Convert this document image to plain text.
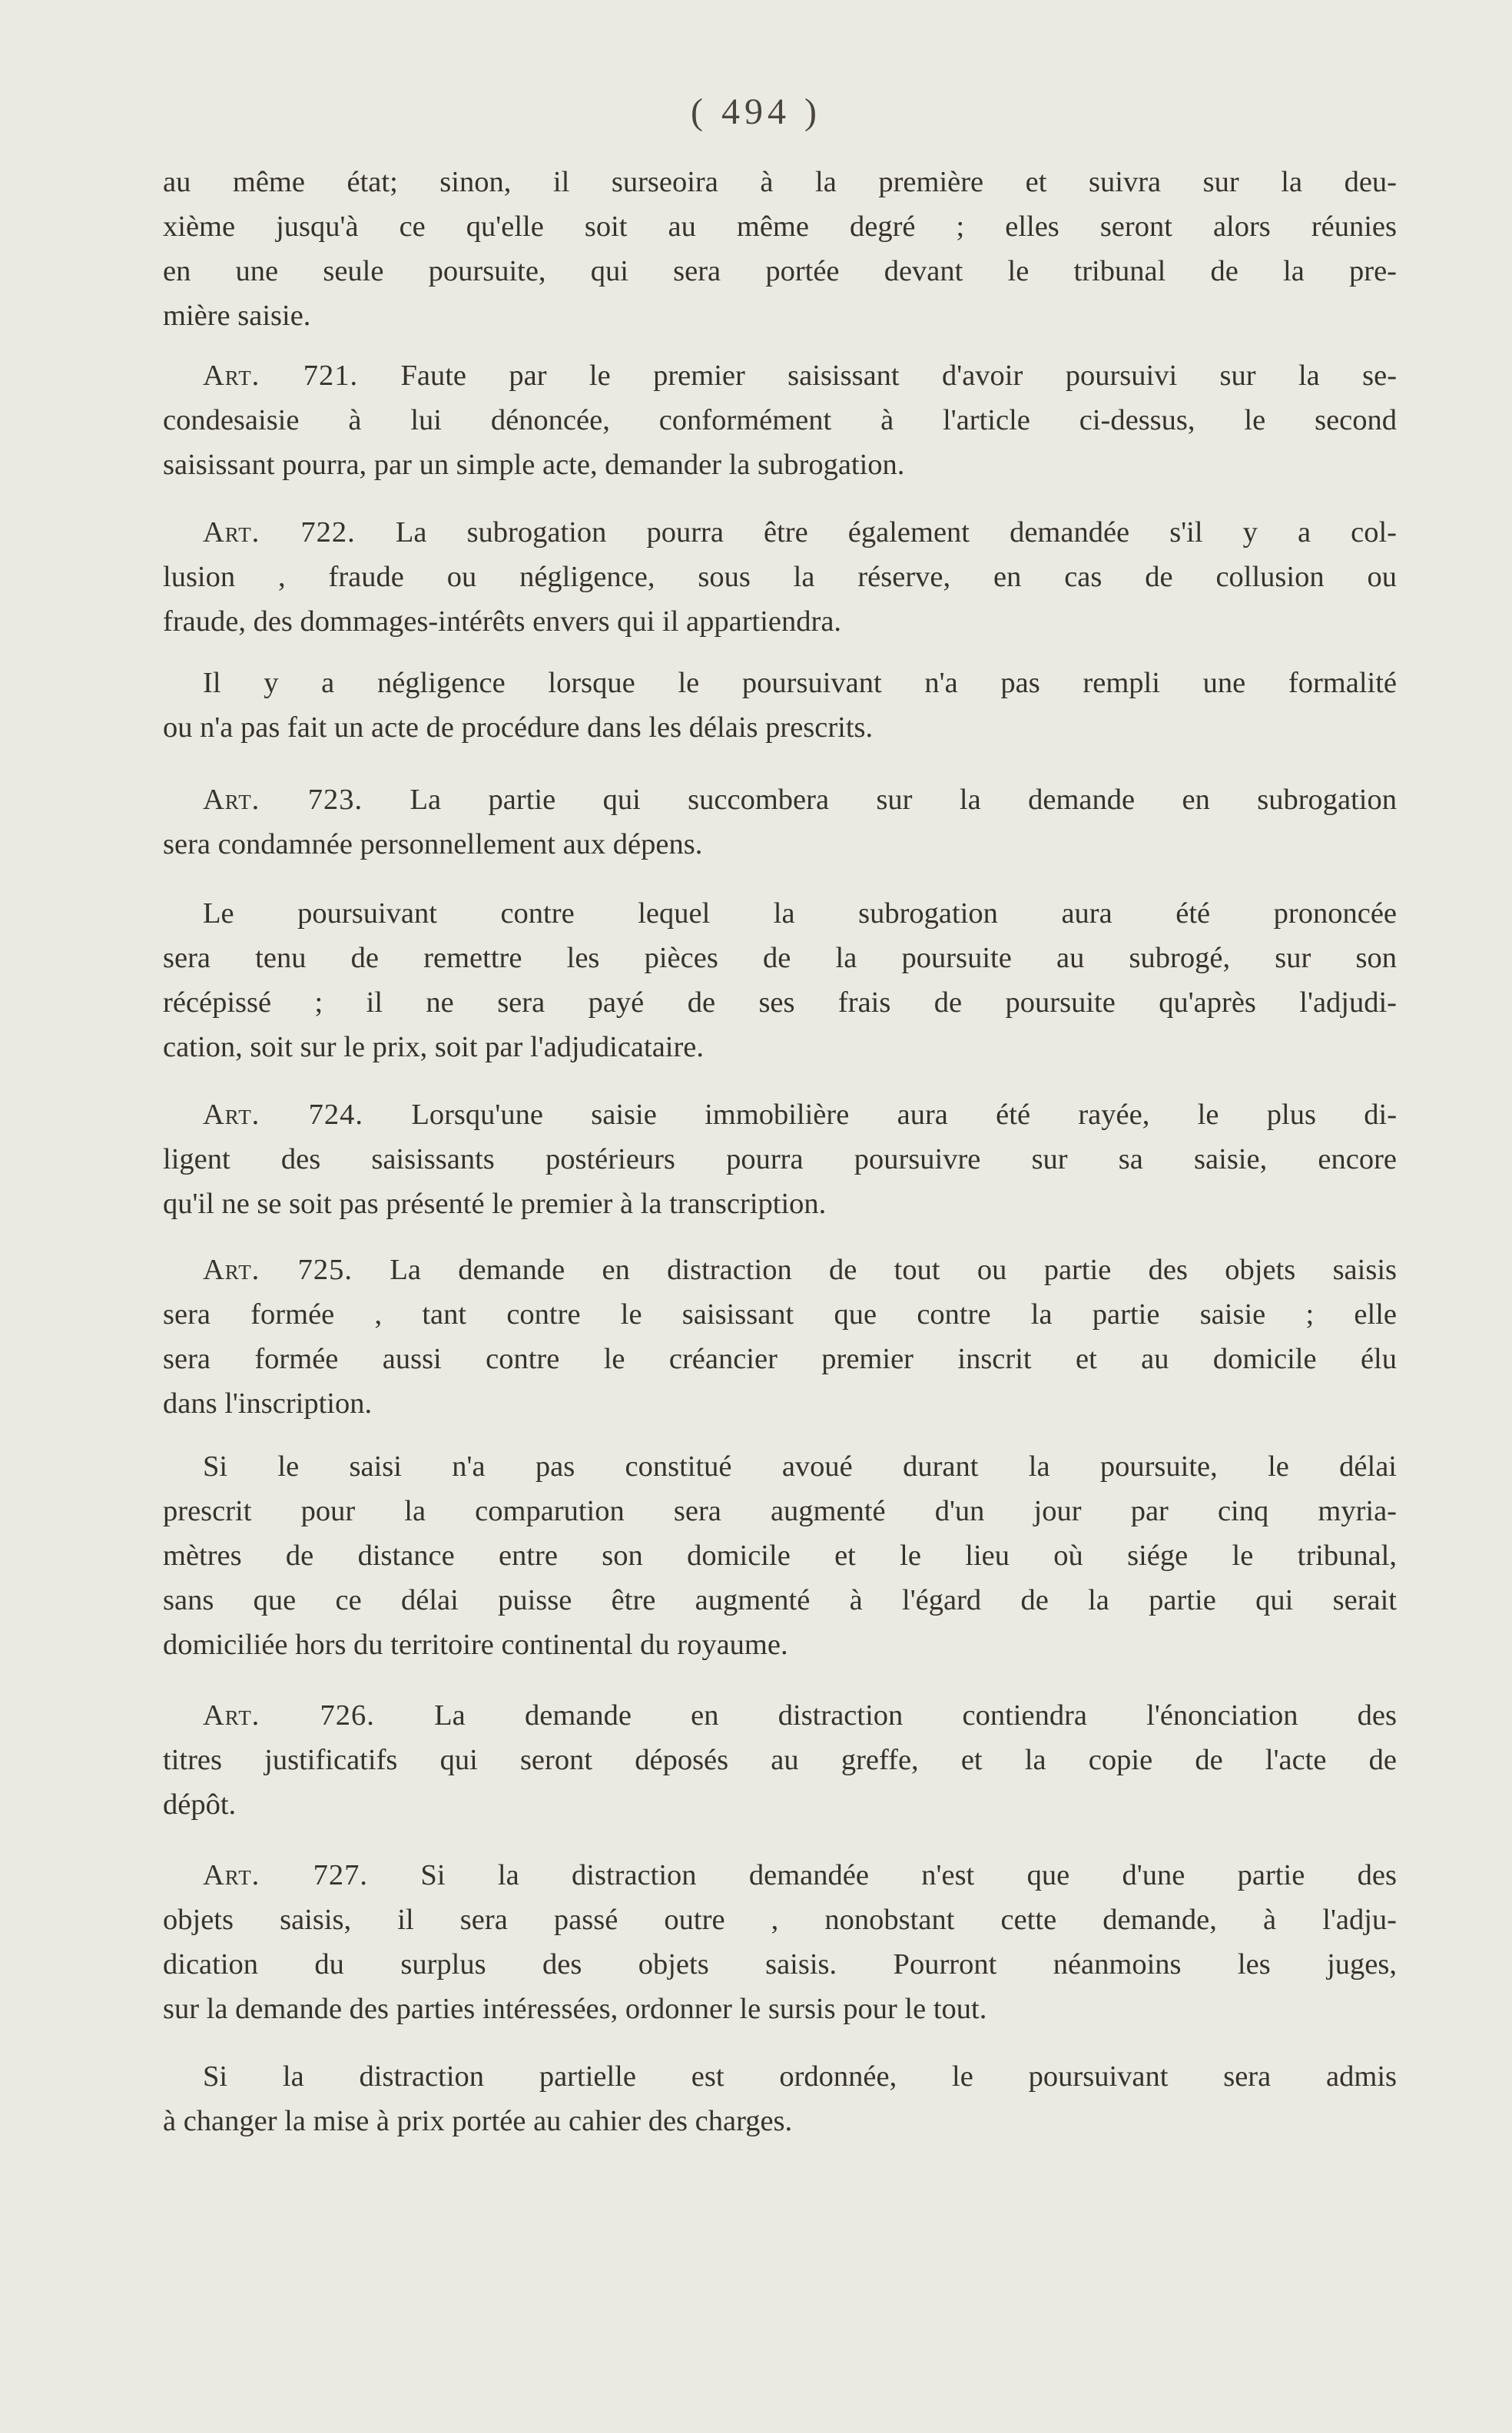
( 494 )
au même état; sinon, il surseoira à la première et suivra sur la deu-
xième jusqu'à ce qu'elle soit au même degré ; elles seront alors réunies
en une seule poursuite, qui sera portée devant le tribunal de la pre-
mière saisie.
Art. 721. Faute par le premier saisissant d'avoir poursuivi sur la se-
condesaisie à lui dénoncée, conformément à l'article ci-dessus, le second
saisissant pourra, par un simple acte, demander la subrogation.
Art. 722. La subrogation pourra être également demandée s'il y a col-
lusion , fraude ou négligence, sous la réserve, en cas de collusion ou
fraude, des dommages-intérêts envers qui il appartiendra.
Il y a négligence lorsque le poursuivant n'a pas rempli une formalité
ou n'a pas fait un acte de procédure dans les délais prescrits.
Art. 723. La partie qui succombera sur la demande en subrogation
sera condamnée personnellement aux dépens.
Le poursuivant contre lequel la subrogation aura été prononcée
sera tenu de remettre les pièces de la poursuite au subrogé, sur son
récépissé ; il ne sera payé de ses frais de poursuite qu'après l'adjudi-
cation, soit sur le prix, soit par l'adjudicataire.
Art. 724. Lorsqu'une saisie immobilière aura été rayée, le plus di-
ligent des saisissants postérieurs pourra poursuivre sur sa saisie, encore
qu'il ne se soit pas présenté le premier à la transcription.
Art. 725. La demande en distraction de tout ou partie des objets saisis
sera formée , tant contre le saisissant que contre la partie saisie ; elle
sera formée aussi contre le créancier premier inscrit et au domicile élu
dans l'inscription.
Si le saisi n'a pas constitué avoué durant la poursuite, le délai
prescrit pour la comparution sera augmenté d'un jour par cinq myria-
mètres de distance entre son domicile et le lieu où siége le tribunal,
sans que ce délai puisse être augmenté à l'égard de la partie qui serait
domiciliée hors du territoire continental du royaume.
Art. 726. La demande en distraction contiendra l'énonciation des
titres justificatifs qui seront déposés au greffe, et la copie de l'acte de
dépôt.
Art. 727. Si la distraction demandée n'est que d'une partie des
objets saisis, il sera passé outre , nonobstant cette demande, à l'adju-
dication du surplus des objets saisis. Pourront néanmoins les juges,
sur la demande des parties intéressées, ordonner le sursis pour le tout.
Si la distraction partielle est ordonnée, le poursuivant sera admis
à changer la mise à prix portée au cahier des charges.
